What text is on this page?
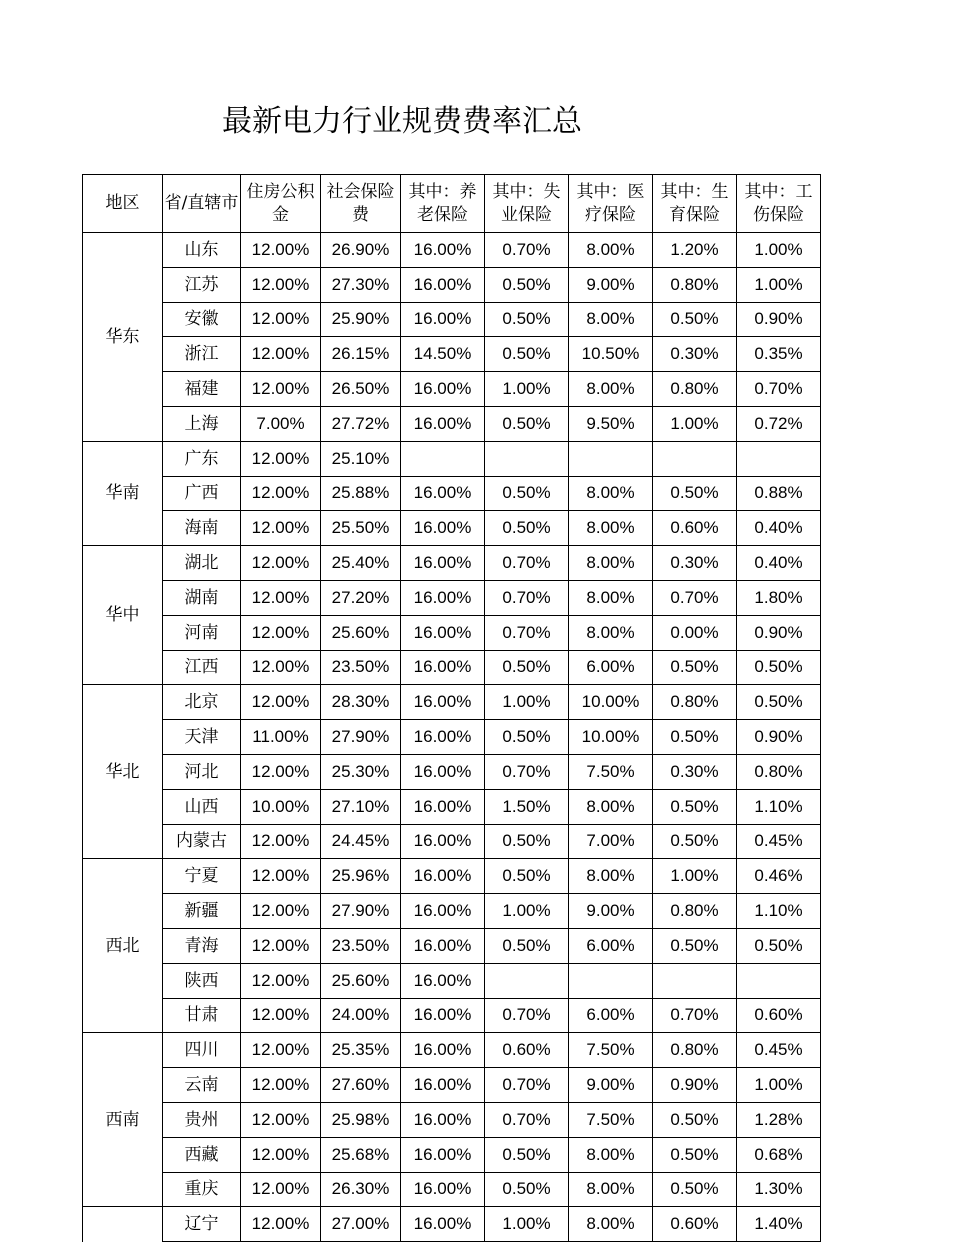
最新电力行业规费费率汇总
地区	省/直辖市	住房公积金	社会保险费	其中：养老保险	其中：失业保险	其中：医疗保险	其中：生育保险	其中：工伤保险
华东	山东	12.00%	26.90%	16.00%	0.70%	8.00%	1.20%	1.00%
	江苏	12.00%	27.30%	16.00%	0.50%	9.00%	0.80%	1.00%
	安徽	12.00%	25.90%	16.00%	0.50%	8.00%	0.50%	0.90%
	浙江	12.00%	26.15%	14.50%	0.50%	10.50%	0.30%	0.35%
	福建	12.00%	26.50%	16.00%	1.00%	8.00%	0.80%	0.70%
	上海	7.00%	27.72%	16.00%	0.50%	9.50%	1.00%	0.72%
华南	广东	12.00%	25.10%					
	广西	12.00%	25.88%	16.00%	0.50%	8.00%	0.50%	0.88%
	海南	12.00%	25.50%	16.00%	0.50%	8.00%	0.60%	0.40%
华中	湖北	12.00%	25.40%	16.00%	0.70%	8.00%	0.30%	0.40%
	湖南	12.00%	27.20%	16.00%	0.70%	8.00%	0.70%	1.80%
	河南	12.00%	25.60%	16.00%	0.70%	8.00%	0.00%	0.90%
	江西	12.00%	23.50%	16.00%	0.50%	6.00%	0.50%	0.50%
华北	北京	12.00%	28.30%	16.00%	1.00%	10.00%	0.80%	0.50%
	天津	11.00%	27.90%	16.00%	0.50%	10.00%	0.50%	0.90%
	河北	12.00%	25.30%	16.00%	0.70%	7.50%	0.30%	0.80%
	山西	10.00%	27.10%	16.00%	1.50%	8.00%	0.50%	1.10%
	内蒙古	12.00%	24.45%	16.00%	0.50%	7.00%	0.50%	0.45%
西北	宁夏	12.00%	25.96%	16.00%	0.50%	8.00%	1.00%	0.46%
	新疆	12.00%	27.90%	16.00%	1.00%	9.00%	0.80%	1.10%
	青海	12.00%	23.50%	16.00%	0.50%	6.00%	0.50%	0.50%
	陕西	12.00%	25.60%	16.00%				
	甘肃	12.00%	24.00%	16.00%	0.70%	6.00%	0.70%	0.60%
西南	四川	12.00%	25.35%	16.00%	0.60%	7.50%	0.80%	0.45%
	云南	12.00%	27.60%	16.00%	0.70%	9.00%	0.90%	1.00%
	贵州	12.00%	25.98%	16.00%	0.70%	7.50%	0.50%	1.28%
	西藏	12.00%	25.68%	16.00%	0.50%	8.00%	0.50%	0.68%
	重庆	12.00%	26.30%	16.00%	0.50%	8.00%	0.50%	1.30%
	辽宁	12.00%	27.00%	16.00%	1.00%	8.00%	0.60%	1.40%
